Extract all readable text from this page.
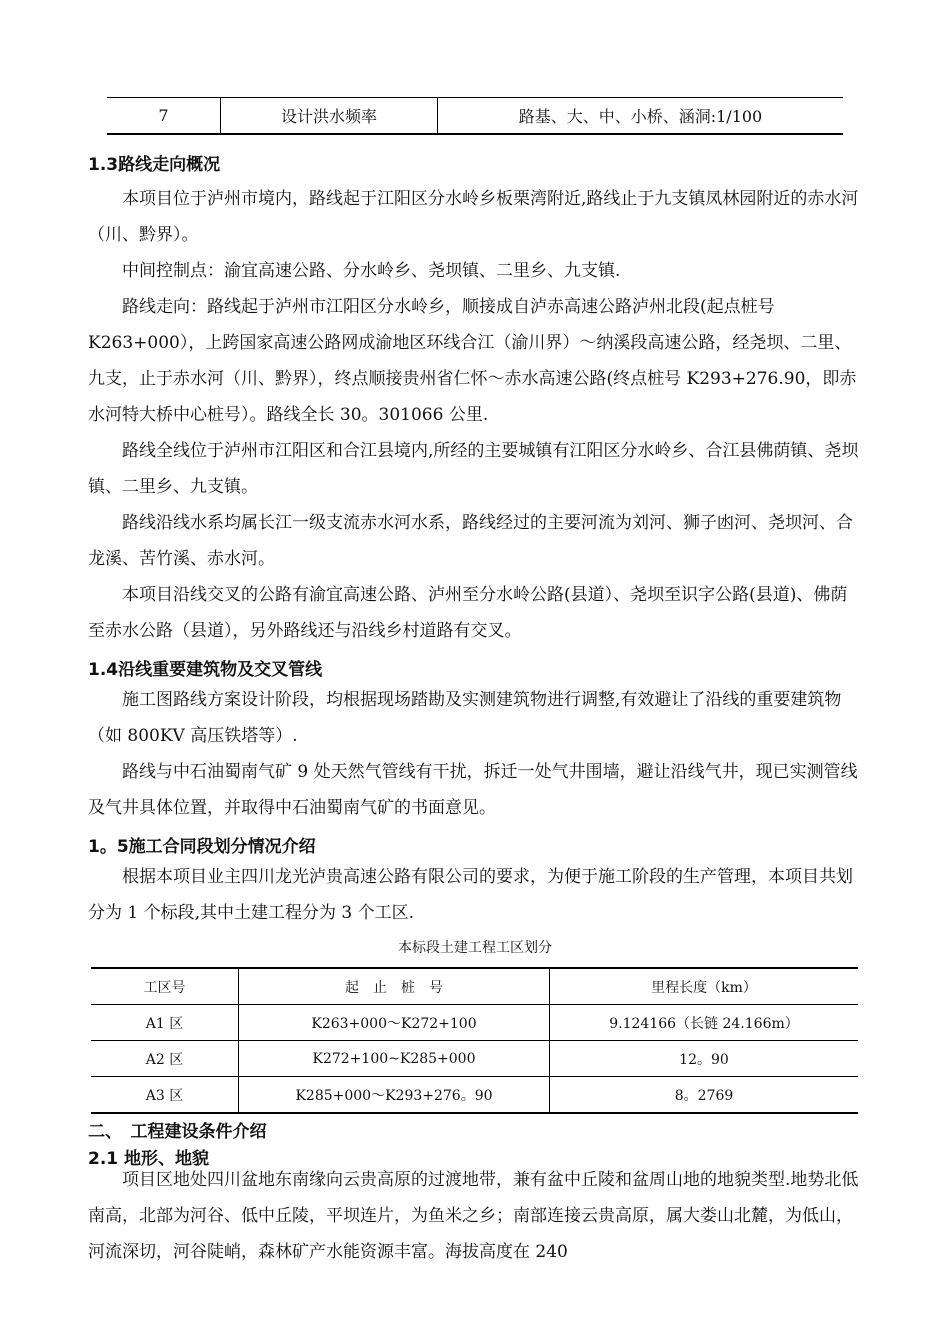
7	设计洪水频率	路基、大、中、小桥、涵洞:1/100

1.3路线走向概况

本项目位于泸州市境内，路线起于江阳区分水岭乡板栗湾附近,路线止于九支镇凤林园附近的赤水河（川、黔界）。

中间控制点：渝宜高速公路、分水岭乡、尧坝镇、二里乡、九支镇.

路线走向：路线起于泸州市江阳区分水岭乡，顺接成自泸赤高速公路泸州北段(起点桩号 K263+000），上跨国家高速公路网成渝地区环线合江（渝川界）～纳溪段高速公路，经尧坝、二里、九支，止于赤水河（川、黔界），终点顺接贵州省仁怀～赤水高速公路(终点桩号 K293+276.90，即赤水河特大桥中心桩号）。路线全长 30。301066 公里.

路线全线位于泸州市江阳区和合江县境内,所经的主要城镇有江阳区分水岭乡、合江县佛荫镇、尧坝镇、二里乡、九支镇。

路线沿线水系均属长江一级支流赤水河水系，路线经过的主要河流为刘河、狮子凼河、尧坝河、合龙溪、苦竹溪、赤水河。

本项目沿线交叉的公路有渝宜高速公路、泸州至分水岭公路(县道）、尧坝至识字公路(县道)、佛荫至赤水公路（县道），另外路线还与沿线乡村道路有交叉。

1.4沿线重要建筑物及交叉管线

施工图路线方案设计阶段，均根据现场踏勘及实测建筑物进行调整,有效避让了沿线的重要建筑物（如 800KV 高压铁塔等）.

路线与中石油蜀南气矿 9 处天然气管线有干扰，拆迁一处气井围墙，避让沿线气井，现已实测管线及气井具体位置，并取得中石油蜀南气矿的书面意见。

1。5施工合同段划分情况介绍

根据本项目业主四川龙光泸贵高速公路有限公司的要求，为便于施工阶段的生产管理，本项目共划分为 1 个标段,其中土建工程分为 3 个工区.

本标段土建工程工区划分
工区号	起　止　桩　号	里程长度（km）
A1 区	K263+000～K272+100	9.124166（长链 24.166m）
A2 区	K272+100~K285+000	12。90
A3 区	K285+000～K293+276。90	8。2769

二、　工程建设条件介绍

2.1 地形、地貌

项目区地处四川盆地东南缘向云贵高原的过渡地带，兼有盆中丘陵和盆周山地的地貌类型.地势北低南高，北部为河谷、低中丘陵，平坝连片，为鱼米之乡；南部连接云贵高原，属大娄山北麓，为低山，河流深切，河谷陡峭，森林矿产水能资源丰富。海拔高度在 240
